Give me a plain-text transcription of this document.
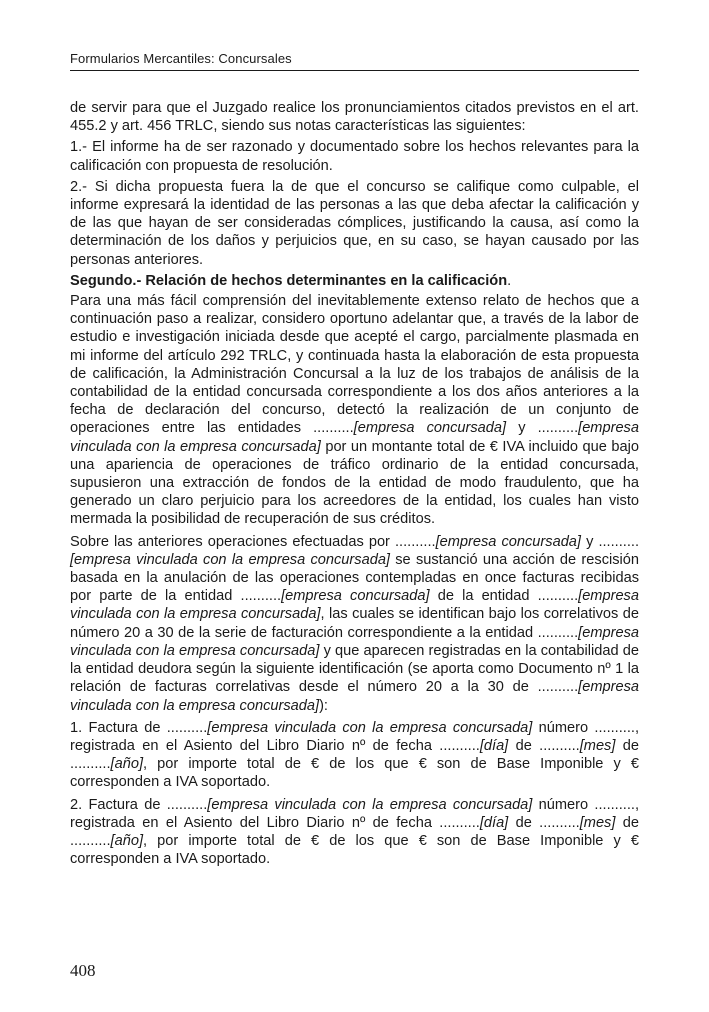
Formularios Mercantiles: Concursales

de servir para que el Juzgado realice los pronunciamientos citados previstos en el art. 455.2 y art. 456 TRLC, siendo sus notas características las siguientes:

1.- El informe ha de ser razonado y documentado sobre los hechos relevantes para la calificación con propuesta de resolución.

2.- Si dicha propuesta fuera la de que el concurso se califique como culpable, el informe expresará la identidad de las personas a las que deba afectar la calificación y de las que hayan de ser consideradas cómplices, justificando la causa, así como la determinación de los daños y perjuicios que, en su caso, se hayan causado por las personas anteriores.

Segundo.- Relación de hechos determinantes en la calificación.

Para una más fácil comprensión del inevitablemente extenso relato de hechos que a continuación paso a realizar, considero oportuno adelantar que, a través de la labor de estudio e investigación iniciada desde que acepté el cargo, parcialmente plasmada en mi informe del artículo 292 TRLC, y continuada hasta la elaboración de esta propuesta de calificación, la Administración Concursal a la luz de los trabajos de análisis de la contabilidad de la entidad concursada correspondiente a los dos años anteriores a la fecha de declaración del concurso, detectó la realización de un conjunto de operaciones entre las entidades ..........[empresa concursada] y ..........[empresa vinculada con la empresa concursada] por un montante total de € IVA incluido que bajo una apariencia de operaciones de tráfico ordinario de la entidad concursada, supusieron una extracción de fondos de la entidad de modo fraudulento, que ha generado un claro perjuicio para los acreedores de la entidad, los cuales han visto mermada la posibilidad de recuperación de sus créditos.

Sobre las anteriores operaciones efectuadas por ..........[empresa concursada] y ..........[empresa vinculada con la empresa concursada] se sustanció una acción de rescisión basada en la anulación de las operaciones contempladas en once facturas recibidas por parte de la entidad ..........[empresa concursada] de la entidad ..........[empresa vinculada con la empresa concursada], las cuales se identifican bajo los correlativos de número 20 a 30 de la serie de facturación correspondiente a la entidad ..........[empresa vinculada con la empresa concursada] y que aparecen registradas en la contabilidad de la entidad deudora según la siguiente identificación (se aporta como Documento nº 1 la relación de facturas correlativas desde el número 20 a la 30 de ..........[empresa vinculada con la empresa concursada]):

1. Factura de ..........[empresa vinculada con la empresa concursada] número .........., registrada en el Asiento del Libro Diario nº de fecha ..........[día] de ..........[mes] de ..........[año], por importe total de € de los que € son de Base Imponible y € corresponden a IVA soportado.

2. Factura de ..........[empresa vinculada con la empresa concursada] número .........., registrada en el Asiento del Libro Diario nº de fecha ..........[día] de ..........[mes] de ..........[año], por importe total de € de los que € son de Base Imponible y € corresponden a IVA soportado.

408
